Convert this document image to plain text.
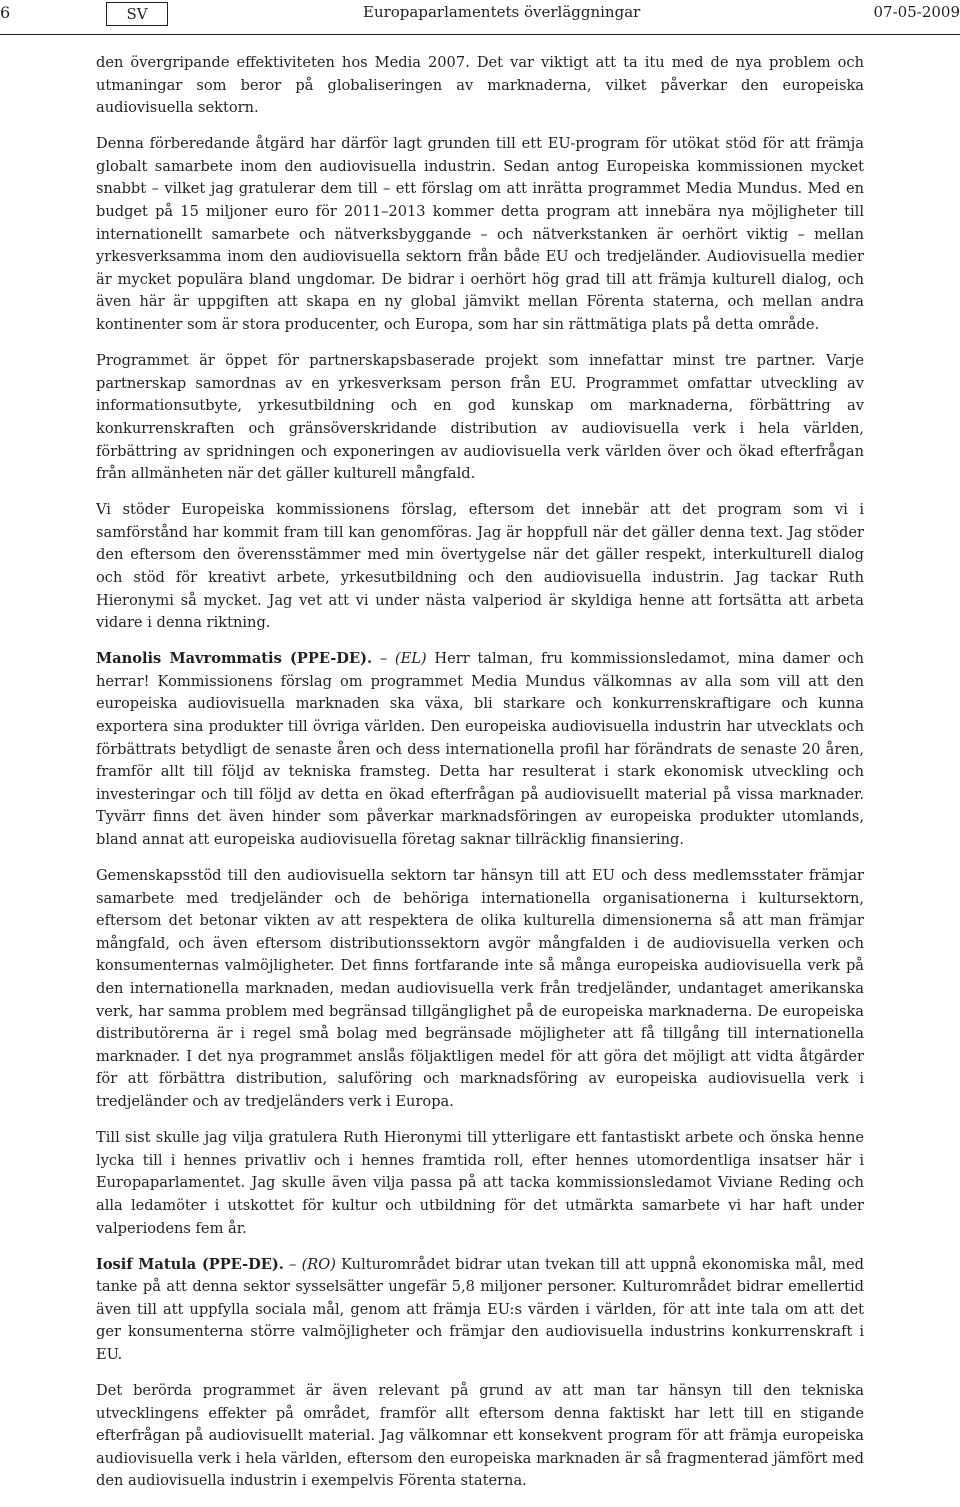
6	SV	Europaparlamentets överläggningar	07-05-2009

den övergripande effektiviteten hos Media 2007. Det var viktigt att ta itu med de nya problem och utmaningar som beror på globaliseringen av marknaderna, vilket påverkar den europeiska audiovisuella sektorn.

Denna förberedande åtgärd har därför lagt grunden till ett EU-program för utökat stöd för att främja globalt samarbete inom den audiovisuella industrin. Sedan antog Europeiska kommissionen mycket snabbt – vilket jag gratulerar dem till – ett förslag om att inrätta programmet Media Mundus. Med en budget på 15 miljoner euro för 2011–2013 kommer detta program att innebära nya möjligheter till internationellt samarbete och nätverksbyggande – och nätverkstanken är oerhört viktig – mellan yrkesverksamma inom den audiovisuella sektorn från både EU och tredjeländer. Audiovisuella medier är mycket populära bland ungdomar. De bidrar i oerhört hög grad till att främja kulturell dialog, och även här är uppgiften att skapa en ny global jämvikt mellan Förenta staterna, och mellan andra kontinenter som är stora producenter, och Europa, som har sin rättmätiga plats på detta område.

Programmet är öppet för partnerskapsbaserade projekt som innefattar minst tre partner. Varje partnerskap samordnas av en yrkesverksam person från EU. Programmet omfattar utveckling av informationsutbyte, yrkesutbildning och en god kunskap om marknaderna, förbättring av konkurrenskraften och gränsöverskridande distribution av audiovisuella verk i hela världen, förbättring av spridningen och exponeringen av audiovisuella verk världen över och ökad efterfrågan från allmänheten när det gäller kulturell mångfald.

Vi stöder Europeiska kommissionens förslag, eftersom det innebär att det program som vi i samförstånd har kommit fram till kan genomföras. Jag är hoppfull när det gäller denna text. Jag stöder den eftersom den överensstämmer med min övertygelse när det gäller respekt, interkulturell dialog och stöd för kreativt arbete, yrkesutbildning och den audiovisuella industrin. Jag tackar Ruth Hieronymi så mycket. Jag vet att vi under nästa valperiod är skyldiga henne att fortsätta att arbeta vidare i denna riktning.

Manolis Mavrommatis (PPE-DE). – (EL) Herr talman, fru kommissionsledamot, mina damer och herrar! Kommissionens förslag om programmet Media Mundus välkomnas av alla som vill att den europeiska audiovisuella marknaden ska växa, bli starkare och konkurrenskraftigare och kunna exportera sina produkter till övriga världen. Den europeiska audiovisuella industrin har utvecklats och förbättrats betydligt de senaste åren och dess internationella profil har förändrats de senaste 20 åren, framför allt till följd av tekniska framsteg. Detta har resulterat i stark ekonomisk utveckling och investeringar och till följd av detta en ökad efterfrågan på audiovisuellt material på vissa marknader. Tyvärr finns det även hinder som påverkar marknadsföringen av europeiska produkter utomlands, bland annat att europeiska audiovisuella företag saknar tillräcklig finansiering.

Gemenskapsstöd till den audiovisuella sektorn tar hänsyn till att EU och dess medlemsstater främjar samarbete med tredjeländer och de behöriga internationella organisationerna i kultursektorn, eftersom det betonar vikten av att respektera de olika kulturella dimensionerna så att man främjar mångfald, och även eftersom distributionssektorn avgör mångfalden i de audiovisuella verken och konsumenternas valmöjligheter. Det finns fortfarande inte så många europeiska audiovisuella verk på den internationella marknaden, medan audiovisuella verk från tredjeländer, undantaget amerikanska verk, har samma problem med begränsad tillgänglighet på de europeiska marknaderna. De europeiska distributörerna är i regel små bolag med begränsade möjligheter att få tillgång till internationella marknader. I det nya programmet anslås följaktligen medel för att göra det möjligt att vidta åtgärder för att förbättra distribution, saluföring och marknadsföring av europeiska audiovisuella verk i tredjeländer och av tredjeländers verk i Europa.

Till sist skulle jag vilja gratulera Ruth Hieronymi till ytterligare ett fantastiskt arbete och önska henne lycka till i hennes privatliv och i hennes framtida roll, efter hennes utomordentliga insatser här i Europaparlamentet. Jag skulle även vilja passa på att tacka kommissionsledamot Viviane Reding och alla ledamöter i utskottet för kultur och utbildning för det utmärkta samarbete vi har haft under valperiodens fem år.

Iosif Matula (PPE-DE). – (RO) Kulturområdet bidrar utan tvekan till att uppnå ekonomiska mål, med tanke på att denna sektor sysselsätter ungefär 5,8 miljoner personer. Kulturområdet bidrar emellertid även till att uppfylla sociala mål, genom att främja EU:s värden i världen, för att inte tala om att det ger konsumenterna större valmöjligheter och främjar den audiovisuella industrins konkurrenskraft i EU.

Det berörda programmet är även relevant på grund av att man tar hänsyn till den tekniska utvecklingens effekter på området, framför allt eftersom denna faktiskt har lett till en stigande efterfrågan på audiovisuellt material. Jag välkomnar ett konsekvent program för att främja europeiska audiovisuella verk i hela världen, eftersom den europeiska marknaden är så fragmenterad jämfört med den audiovisuella industrin i exempelvis Förenta staterna.
